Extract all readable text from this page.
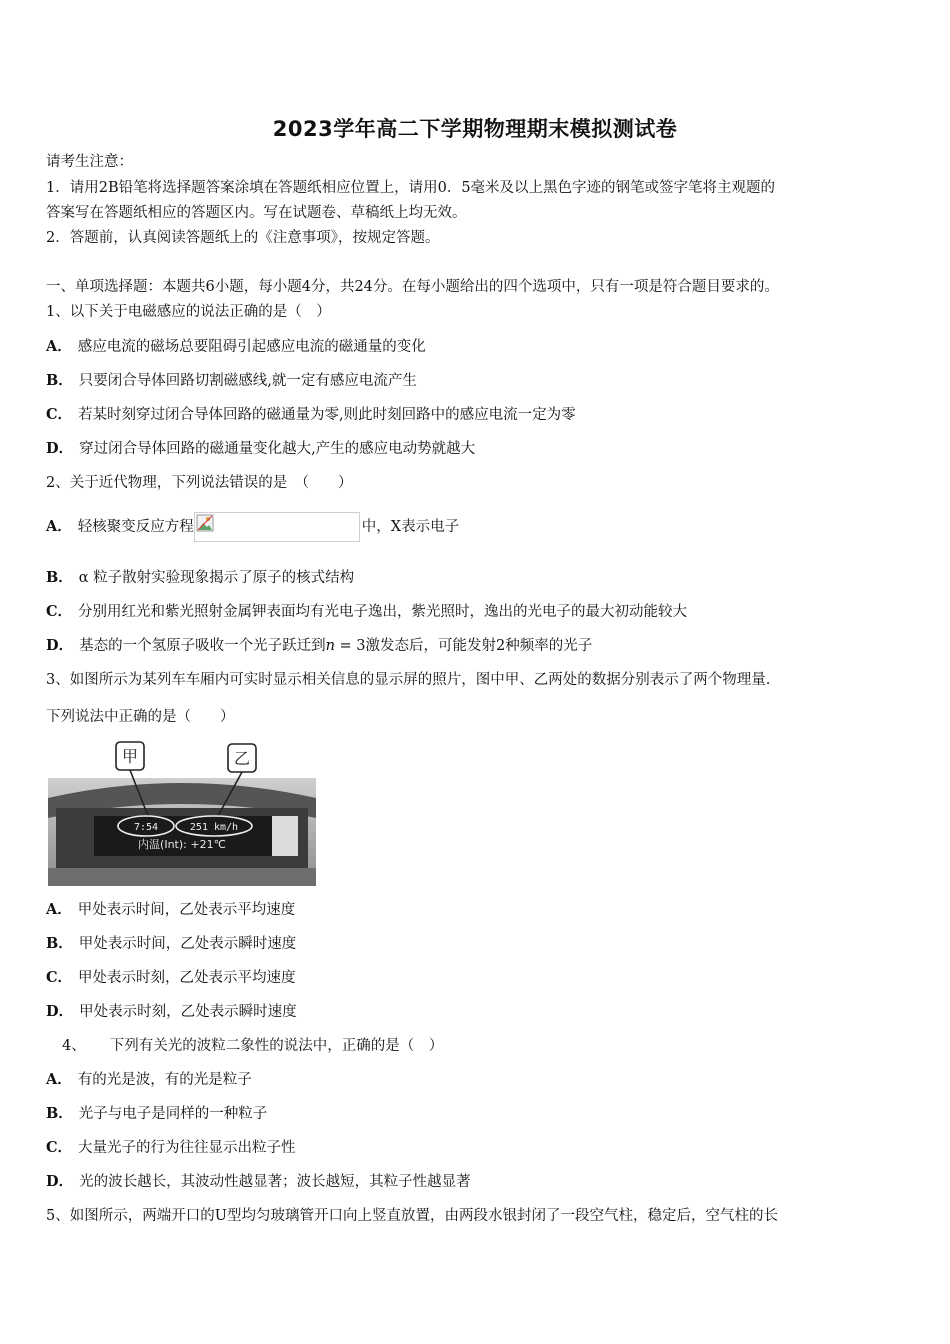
2023学年高二下学期物理期末模拟测试卷
请考生注意：
1．请用2B铅笔将选择题答案涂填在答题纸相应位置上，请用0．5毫米及以上黑色字迹的钢笔或签字笔将主观题的
答案写在答题纸相应的答题区内。写在试题卷、草稿纸上均无效。
2．答题前，认真阅读答题纸上的《注意事项》，按规定答题。
一、单项选择题：本题共6小题，每小题4分，共24分。在每小题给出的四个选项中，只有一项是符合题目要求的。
1、以下关于电磁感应的说法正确的是（　）
A． 感应电流的磁场总要阻碍引起感应电流的磁通量的变化
B． 只要闭合导体回路切割磁感线,就一定有感应电流产生
C． 若某时刻穿过闭合导体回路的磁通量为零,则此时刻回路中的感应电流一定为零
D． 穿过闭合导体回路的磁通量变化越大,产生的感应电动势就越大
2、关于近代物理，下列说法错误的是　（　　）
A． 轻核聚变反应方程	中，X表示电子
B． α 粒子散射实验现象揭示了原子的核式结构
C． 分别用红光和紫光照射金属钾表面均有光电子逸出，紫光照时，逸出的光电子的最大初动能较大
D． 基态的一个氢原子吸收一个光子跃迁到n = 3激发态后，可能发射2种频率的光子
3、如图所示为某列车车厢内可实时显示相关信息的显示屏的照片，图中甲、乙两处的数据分别表示了两个物理量.
下列说法中正确的是（　　）
甲	乙
7:54	251 km/h
内温(Int): +21℃
A． 甲处表示时间，乙处表示平均速度
B． 甲处表示时间，乙处表示瞬时速度
C． 甲处表示时刻，乙处表示平均速度
D． 甲处表示时刻，乙处表示瞬时速度
4、 下列有关光的波粒二象性的说法中，正确的是（　）
A． 有的光是波，有的光是粒子
B． 光子与电子是同样的一种粒子
C． 大量光子的行为往往显示出粒子性
D． 光的波长越长，其波动性越显著；波长越短，其粒子性越显著
5、如图所示，两端开口的U型均匀玻璃管开口向上竖直放置，由两段水银封闭了一段空气柱，稳定后，空气柱的长
